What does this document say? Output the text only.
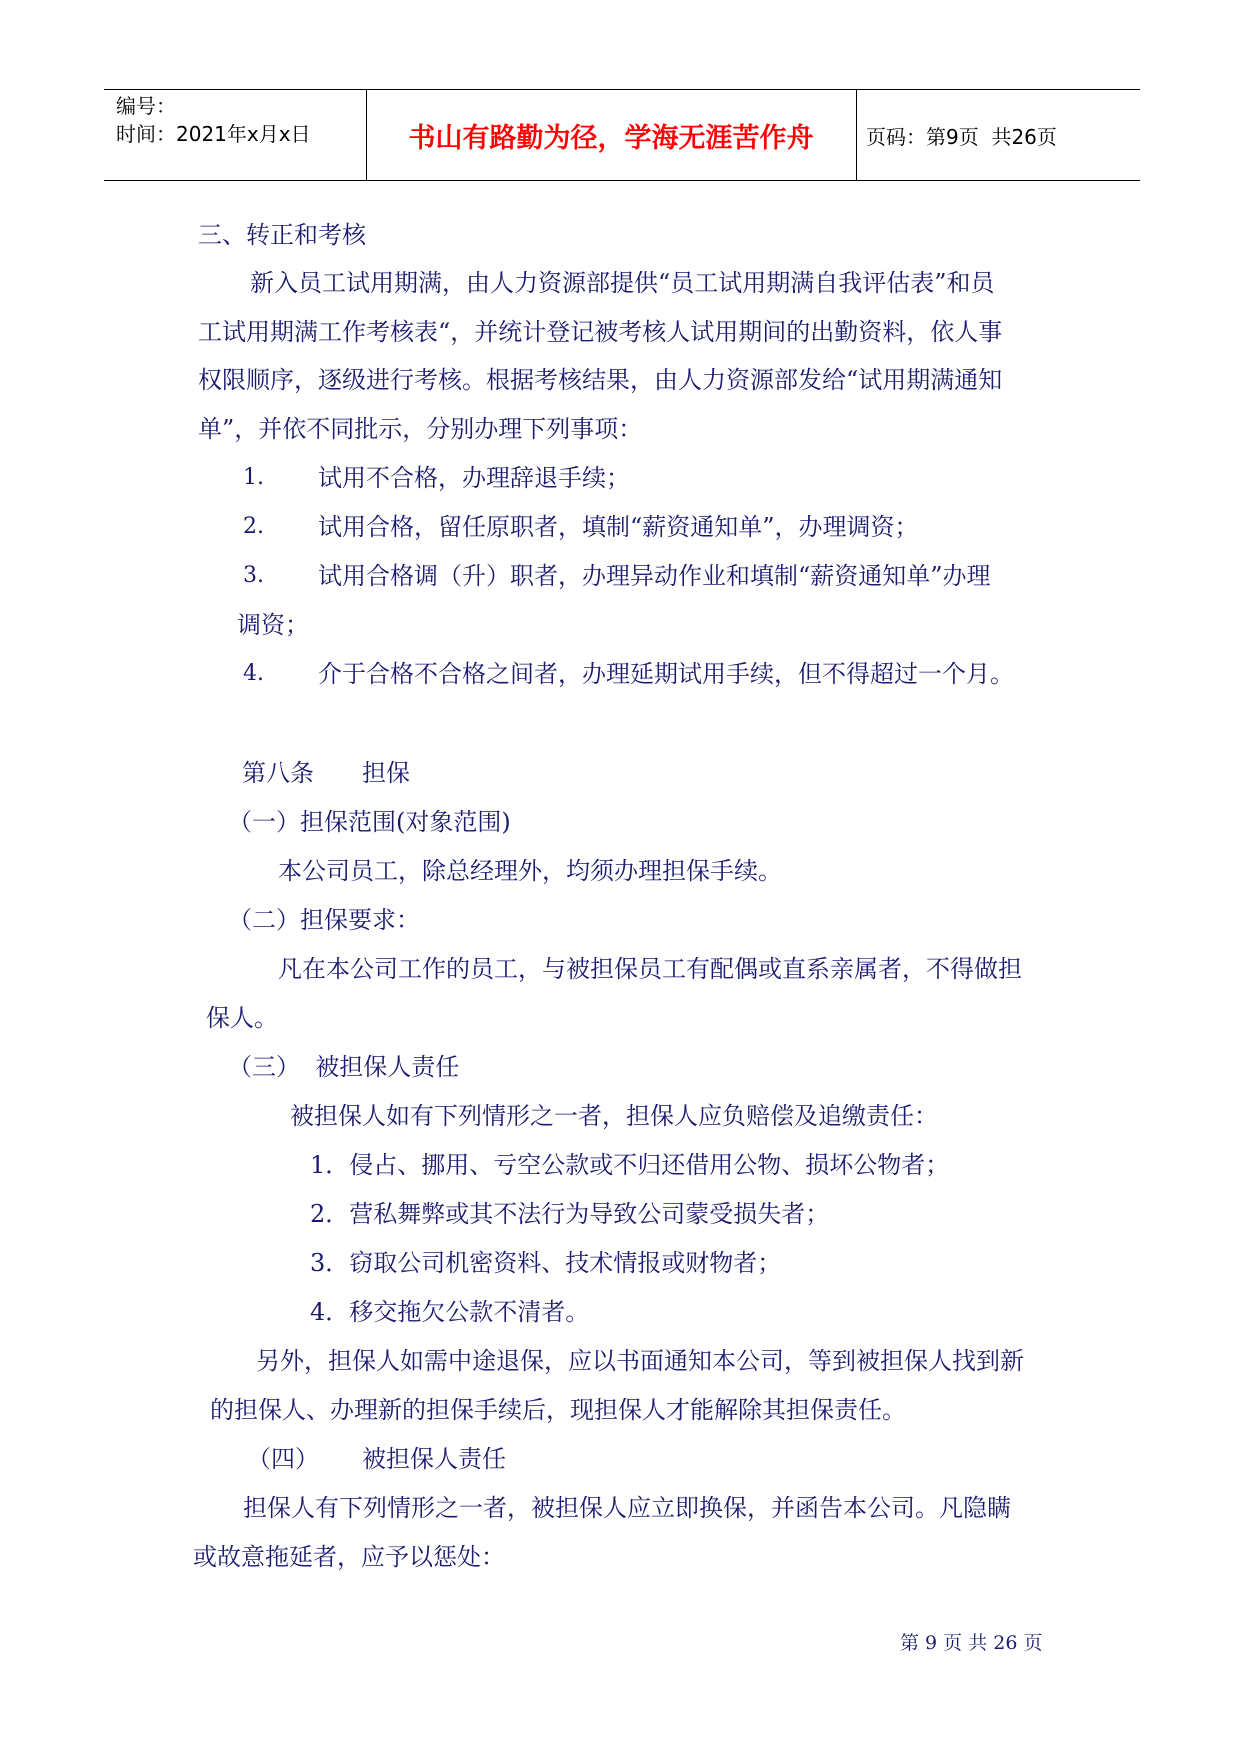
编号：
时间：2021年x月x日	书山有路勤为径，学海无涯苦作舟	页码：第9页  共26页
三、转正和考核
新入员工试用期满，由人力资源部提供“员工试用期满自我评估表”和员
工试用期满工作考核表“，并统计登记被考核人试用期间的出勤资料，依人事
权限顺序，逐级进行考核。根据考核结果，由人力资源部发给“试用期满通知
单”，并依不同批示，分别办理下列事项：
1. 试用不合格，办理辞退手续；
2. 试用合格，留任原职者，填制“薪资通知单”，办理调资；
3. 试用合格调（升）职者，办理异动作业和填制“薪资通知单”办理
调资；
4. 介于合格不合格之间者，办理延期试用手续，但不得超过一个月。
第八条 担保
（一）担保范围(对象范围)
本公司员工，除总经理外，均须办理担保手续。
（二）担保要求：
凡在本公司工作的员工，与被担保员工有配偶或直系亲属者，不得做担
保人。
（三）  被担保人责任
被担保人如有下列情形之一者，担保人应负赔偿及追缴责任：
1．侵占、挪用、亏空公款或不归还借用公物、损坏公物者；
2．营私舞弊或其不法行为导致公司蒙受损失者；
3．窃取公司机密资料、技术情报或财物者；
4．移交拖欠公款不清者。
另外，担保人如需中途退保，应以书面通知本公司，等到被担保人找到新
的担保人、办理新的担保手续后，现担保人才能解除其担保责任。
（四） 被担保人责任
担保人有下列情形之一者，被担保人应立即换保，并函告本公司。凡隐瞒
或故意拖延者，应予以惩处：
第 9 页 共 26 页
